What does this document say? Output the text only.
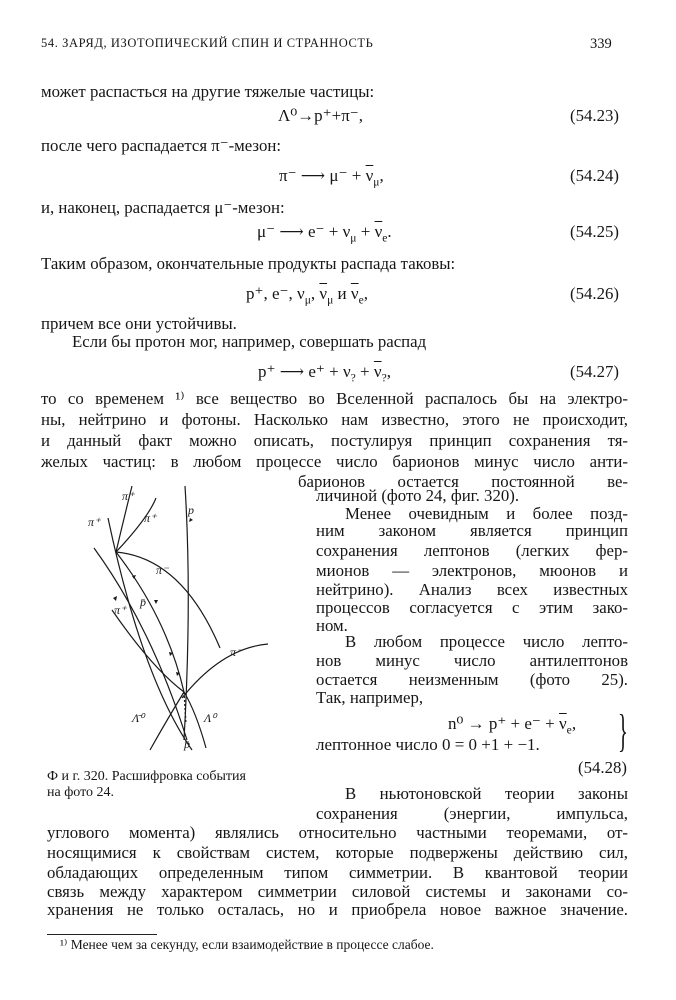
54. ЗАРЯД, ИЗОТОПИЧЕСКИЙ СПИН И СТРАННОСТЬ	339
может распасться на другие тяжелые частицы:
Λ⁰→p⁺+π⁻,	(54.23)
после чего распадается π⁻-мезон:
π⁻ ⟶ $\mu^- + \overline{\nu}_\mu$,	(54.24)
и, наконец, распадается μ⁻-мезон:
μ⁻ ⟶ $e^- + \nu_\mu + \overline{\nu}_e$.	(54.25)
Таким образом, окончательные продукты распада таковы:
p⁺, e⁻, $\nu_\mu$, $\overline{\nu}_\mu$ и $\overline{\nu}_e$,	(54.26)
причем все они устойчивы.
Если бы протон мог, например, совершать распад
p⁺ ⟶ $e^+ + \nu_? + \overline{\nu}_?$,	(54.27)
то со временем ¹⁾ все вещество во Вселенной распалось бы на электро-
ны, нейтрино и фотоны. Насколько нам известно, этого не происходит,
и данный факт можно описать, постулируя принцип сохранения тя-
желых частиц: в любом процессе число барионов минус число анти-
барионов остается постоянной ве-
личиной (фото 24, фиг. 320).
Менее очевидным и более позд-
ним законом является принцип
сохранения лептонов (легких фер-
мионов — электронов, мюонов и
нейтрино). Анализ всех известных
процессов согласуется с этим зако-
ном.
В любом процессе число лепто-
нов минус число антилептонов
остается неизменным (фото 25).
Так, например,
$n^0 \to p^+ + e^- + \overline{\nu}_e$,
лептонное число 0 = 0 +1 + −1. }
(54.28)
Ф и г. 320. Расшифровка события
на фото 24.	В ньютоновской теории законы
сохранения (энергии, импульса,
углового момента) являлись относительно частными теоремами, от-
носящимися к свойствам систем, которые подвержены действию сил,
обладающих определенным типом симметрии. В квантовой теории
связь между характером симметрии силовой системы и законами со-
хранения не только осталась, но и приобрела новое важное значение.
¹⁾ Менее чем за секунду, если взаимодействие в процессе слабое.
π⁺
π⁺	π⁺
p
π⁻
p̄
π⁺
π⁻
Λ̄⁰	Λ⁰
p̄
